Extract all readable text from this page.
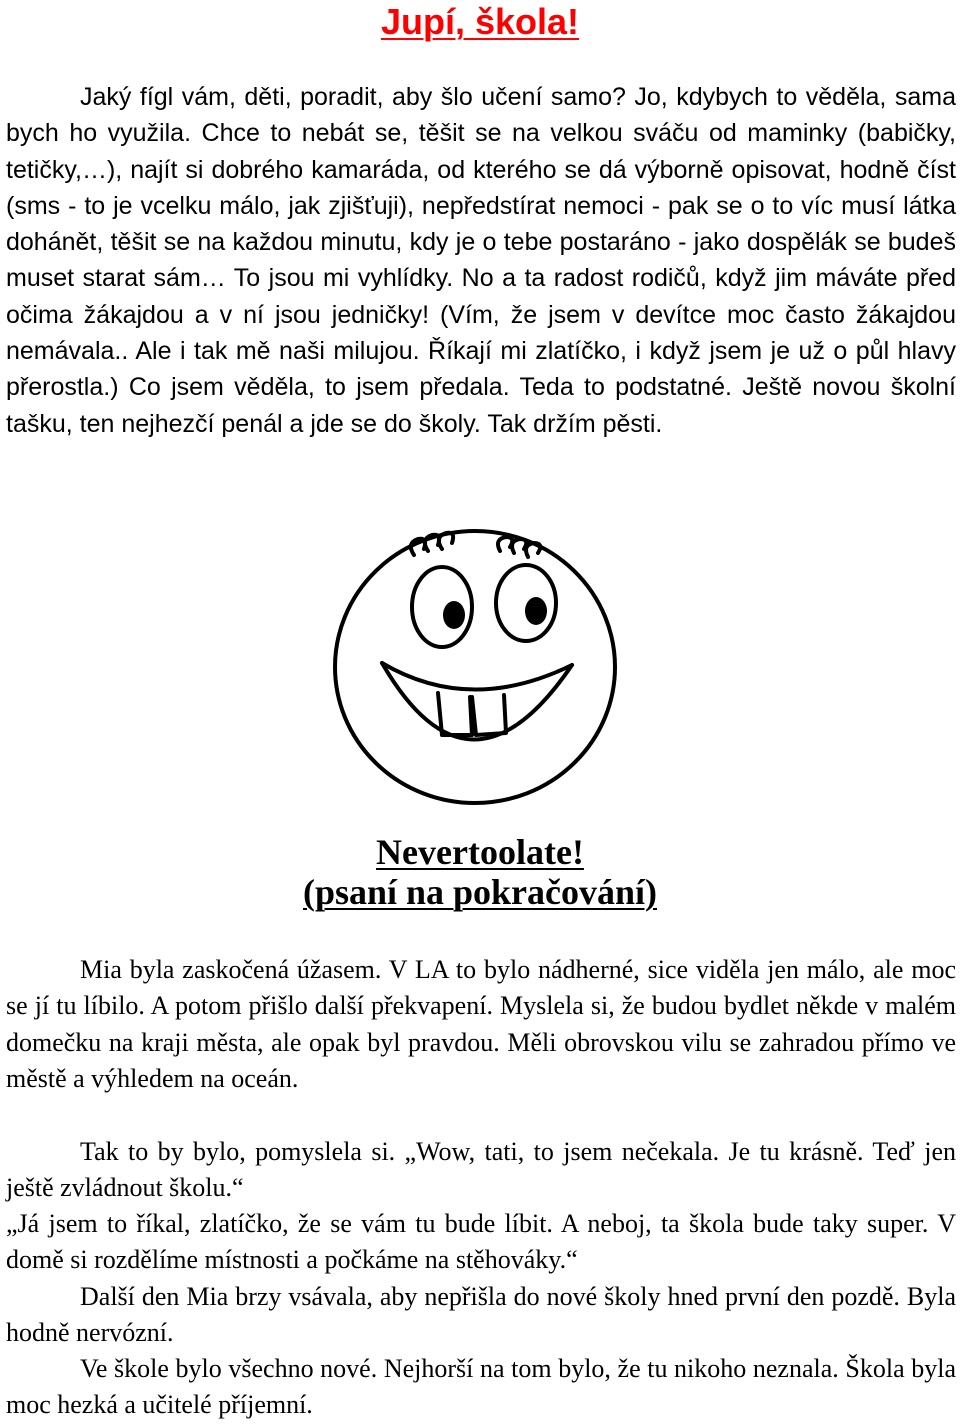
Jupí, škola!

Jaký fígl vám, děti, poradit, aby šlo učení samo? Jo, kdybych to věděla, sama bych ho využila. Chce to nebát se, těšit se na velkou sváču od maminky (babičky, tetičky,…), najít si dobrého kamaráda, od kterého se dá výborně opisovat, hodně číst (sms - to je vcelku málo, jak zjišťuji), nepředstírat nemoci - pak se o to víc musí látka dohánět, těšit se na každou minutu, kdy je o tebe postaráno - jako dospělák se budeš muset starat sám… To jsou mi vyhlídky. No a ta radost rodičů, když jim máváte před očima žákajdou a v ní jsou jedničky! (Vím, že jsem v devítce moc často žákajdou nemávala.. Ale i tak mě naši milujou. Říkají mi zlatíčko, i když jsem je už o půl hlavy přerostla.) Co jsem věděla, to jsem předala. Teda to podstatné. Ještě novou školní tašku, ten nejhezčí penál a jde se do školy. Tak držím pěsti.

Nevertoolate!
(psaní na pokračování)

Mia byla zaskočená úžasem. V LA to bylo nádherné, sice viděla jen málo, ale moc se jí tu líbilo. A potom přišlo další překvapení. Myslela si, že budou bydlet někde v malém domečku na kraji města, ale opak byl pravdou. Měli obrovskou vilu se zahradou přímo ve městě a výhledem na oceán.

Tak to by bylo, pomyslela si. „Wow, tati, to jsem nečekala. Je tu krásně. Teď jen ještě zvládnout školu.“

„Já jsem to říkal, zlatíčko, že se vám tu bude líbit. A neboj, ta škola bude taky super. V domě si rozdělíme místnosti a počkáme na stěhováky.“

Další den Mia brzy vsávala, aby nepřišla do nové školy hned první den pozdě. Byla hodně nervózní.

Ve škole bylo všechno nové. Nejhorší na tom bylo, že tu nikoho neznala. Škola byla moc hezká a učitelé příjemní.
